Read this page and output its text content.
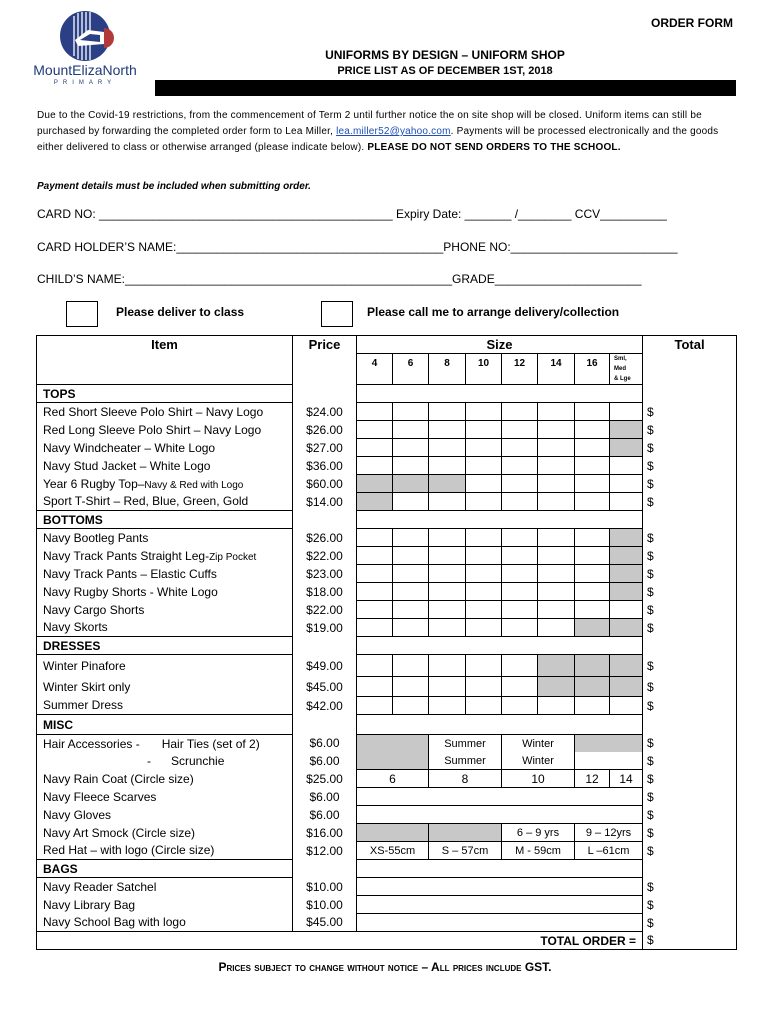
MountElizaNorth
PRIMARY
ORDER FORM
UNIFORMS BY DESIGN – UNIFORM SHOP
PRICE LIST AS OF DECEMBER 1ST, 2018
Due to the Covid-19 restrictions, from the commencement of Term 2 until further notice the on site shop will be closed. Uniform items can still be purchased by forwarding the completed order form to Lea Miller, lea.miller52@yahoo.com. Payments will be processed electronically and the goods either delivered to class or otherwise arranged (please indicate below). PLEASE DO NOT SEND ORDERS TO THE SCHOOL.
Payment details must be included when submitting order.
CARD NO: ____________________________________________ Expiry Date: _______ /________ CCV__________
CARD HOLDER’S NAME:________________________________________PHONE NO:_________________________
CHILD’S NAME:_________________________________________________GRADE______________________
Please deliver to class	Please call me to arrange delivery/collection
Item	Price	Size								Total
		4	6	8	10	12	14	16	Sml,
Med
& Lge	
TOPS										
Red Short Sleeve Polo Shirt – Navy Logo	$24.00									$
Red Long Sleeve Polo Shirt – Navy Logo	$26.00									$
Navy Windcheater – White Logo	$27.00									$
Navy Stud Jacket – White Logo	$36.00									$
Year 6 Rugby Top–Navy & Red with Logo	$60.00									$
Sport T-Shirt – Red, Blue, Green, Gold	$14.00									$
BOTTOMS										
Navy Bootleg Pants	$26.00									$
Navy Track Pants Straight Leg-Zip Pocket	$22.00									$
Navy Track Pants – Elastic Cuffs	$23.00									$
Navy Rugby Shorts - White Logo	$18.00									$
Navy Cargo Shorts	$22.00									$
Navy Skorts	$19.00									$
DRESSES										
Winter Pinafore	$49.00									$
Winter Skirt only	$45.00									$
Summer Dress	$42.00									$
MISC										
Hair Accessories - Hair Ties (set of 2)	$6.00			Summer		Winter				$
- Scrunchie	$6.00			Summer		Winter				$
Navy Rain Coat (Circle size)	$25.00	6		8		10		12	14	$
Navy Fleece Scarves	$6.00									$
Navy Gloves	$6.00									$
Navy Art Smock (Circle size)	$16.00					6 – 9 yrs		9 – 12yrs		$
Red Hat – with logo (Circle size)	$12.00	XS-55cm		S – 57cm		M - 59cm		L –61cm		$
BAGS										
Navy Reader Satchel	$10.00									$
Navy Library Bag	$10.00									$
Navy School Bag with logo	$45.00									$
TOTAL ORDER =										$
Prices subject to change without notice – All prices include GST.
